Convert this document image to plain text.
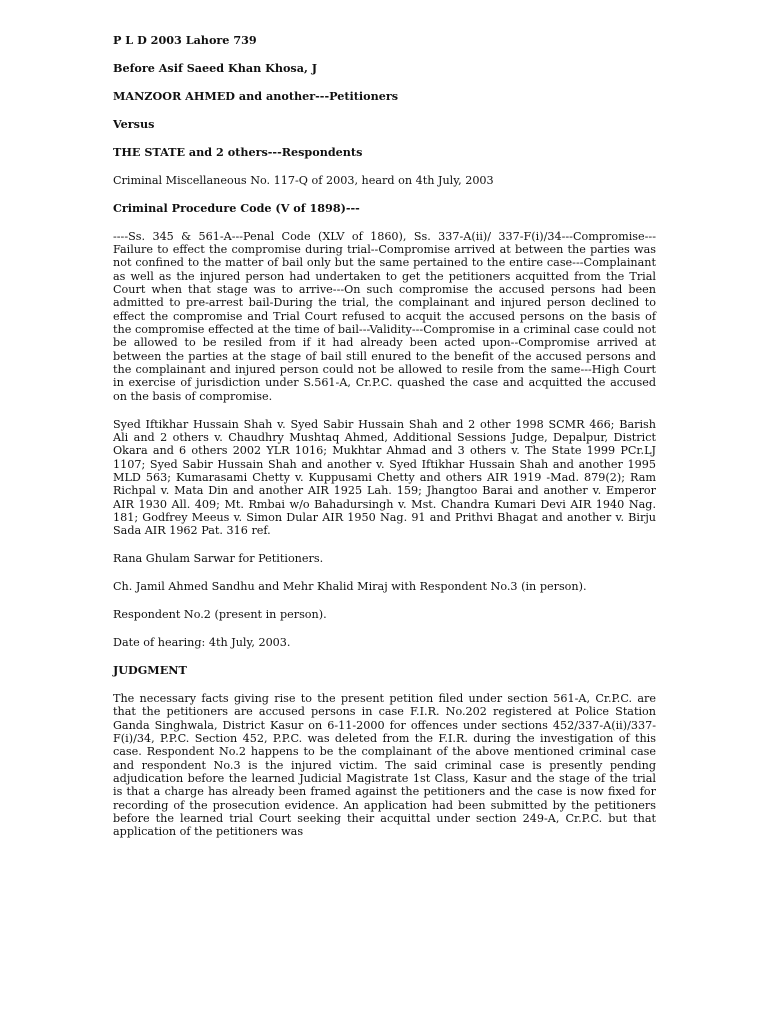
P L D 2003 Lahore 739

Before Asif Saeed Khan Khosa, J

MANZOOR AHMED and another---Petitioners

Versus

THE STATE and 2 others---Respondents

Criminal Miscellaneous No. 117-Q of 2003, heard on 4th July, 2003

Criminal Procedure Code (V of 1898)---

----Ss. 345 & 561-A---Penal Code (XLV of 1860), Ss. 337-A(ii)/ 337-F(i)/34---Compromise---Failure to effect the compromise during trial--Compromise arrived at between the parties was not confined to the matter of bail only but the same pertained to the entire case---Complainant as well as the injured person had undertaken to get the petitioners acquitted from the Trial Court when that stage was to arrive---On such compromise the accused persons had been admitted to pre-arrest bail-During the trial, the complainant and injured person declined to effect the compromise and Trial Court refused to acquit the accused persons on the basis of the compromise effected at the time of bail---Validity---Compromise in a criminal case could not be allowed to be resiled from if it had already been acted upon--Compromise arrived at between the parties at the stage of bail still enured to the benefit of the accused persons and the complainant and injured person could not be allowed to resile from the same---High Court in exercise of jurisdiction under S.561-A, Cr.P.C. quashed the case and acquitted the accused on the basis of compromise.

Syed Iftikhar Hussain Shah v. Syed Sabir Hussain Shah and 2 other 1998 SCMR 466; Barish Ali and 2 others v. Chaudhry Mushtaq Ahmed, Additional Sessions Judge, Depalpur, District Okara and 6 others 2002 YLR 1016; Mukhtar Ahmad and 3 others v. The State 1999 PCr.LJ 1107; Syed Sabir Hussain Shah and another v. Syed Iftikhar Hussain Shah and another 1995 MLD 563; Kumarasami Chetty v. Kuppusami Chetty and others AIR 1919 -Mad. 879(2); Ram Richpal v. Mata Din and another AIR 1925 Lah. 159; Jhangtoo Barai and another v. Emperor AIR 1930 All. 409; Mt. Rmbai w/o Bahadursingh v. Mst. Chandra Kumari Devi AIR 1940 Nag. 181; Godfrey Meeus v. Simon Dular AIR 1950 Nag. 91 and Prithvi Bhagat and another v. Birju Sada AIR 1962 Pat. 316 ref.

Rana Ghulam Sarwar for Petitioners.

Ch. Jamil Ahmed Sandhu and Mehr Khalid Miraj with Respondent No.3 (in person).

Respondent No.2 (present in person).

Date of hearing: 4th July, 2003.

JUDGMENT

The necessary facts giving rise to the present petition filed under section 561-A, Cr.P.C. are that the petitioners are accused persons in case F.I.R. No.202 registered at Police Station Ganda Singhwala, District Kasur on 6-11-2000 for offences under sections 452/337-A(ii)/337-F(i)/34, P.P.C. Section 452, P.P.C. was deleted from the F.I.R. during the investigation of this case. Respondent No.2 happens to be the complainant of the above mentioned criminal case and respondent No.3 is the injured victim. The said criminal case is presently pending adjudication before the learned Judicial Magistrate 1st Class, Kasur and the stage of the trial is that a charge has already been framed against the petitioners and the case is now fixed for recording of the prosecution evidence. An application had been submitted by the petitioners before the learned trial Court seeking their acquittal under section 249-A, Cr.P.C. but that application of the petitioners was
